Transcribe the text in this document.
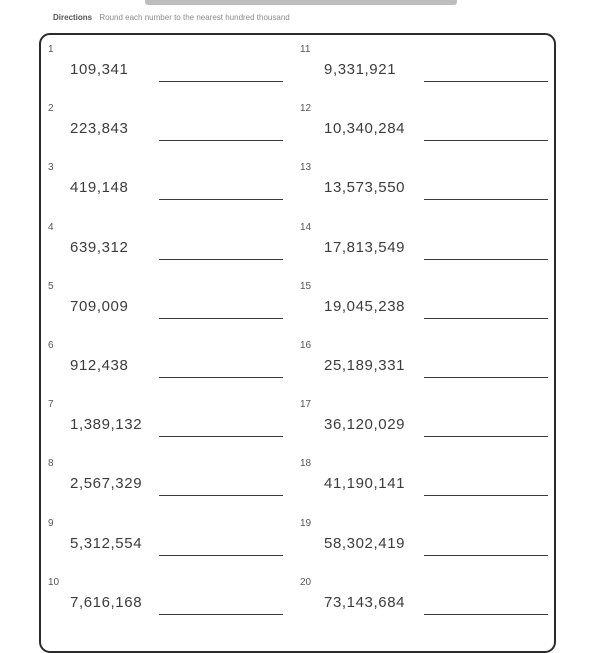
Directions Round each number to the nearest hundred thousand
1
109,341
2
223,843
3
419,148
4
639,312
5
709,009
6
912,438
7
1,389,132
8
2,567,329
9
5,312,554
10
7,616,168
11
9,331,921
12
10,340,284
13
13,573,550
14
17,813,549
15
19,045,238
16
25,189,331
17
36,120,029
18
41,190,141
19
58,302,419
20
73,143,684
